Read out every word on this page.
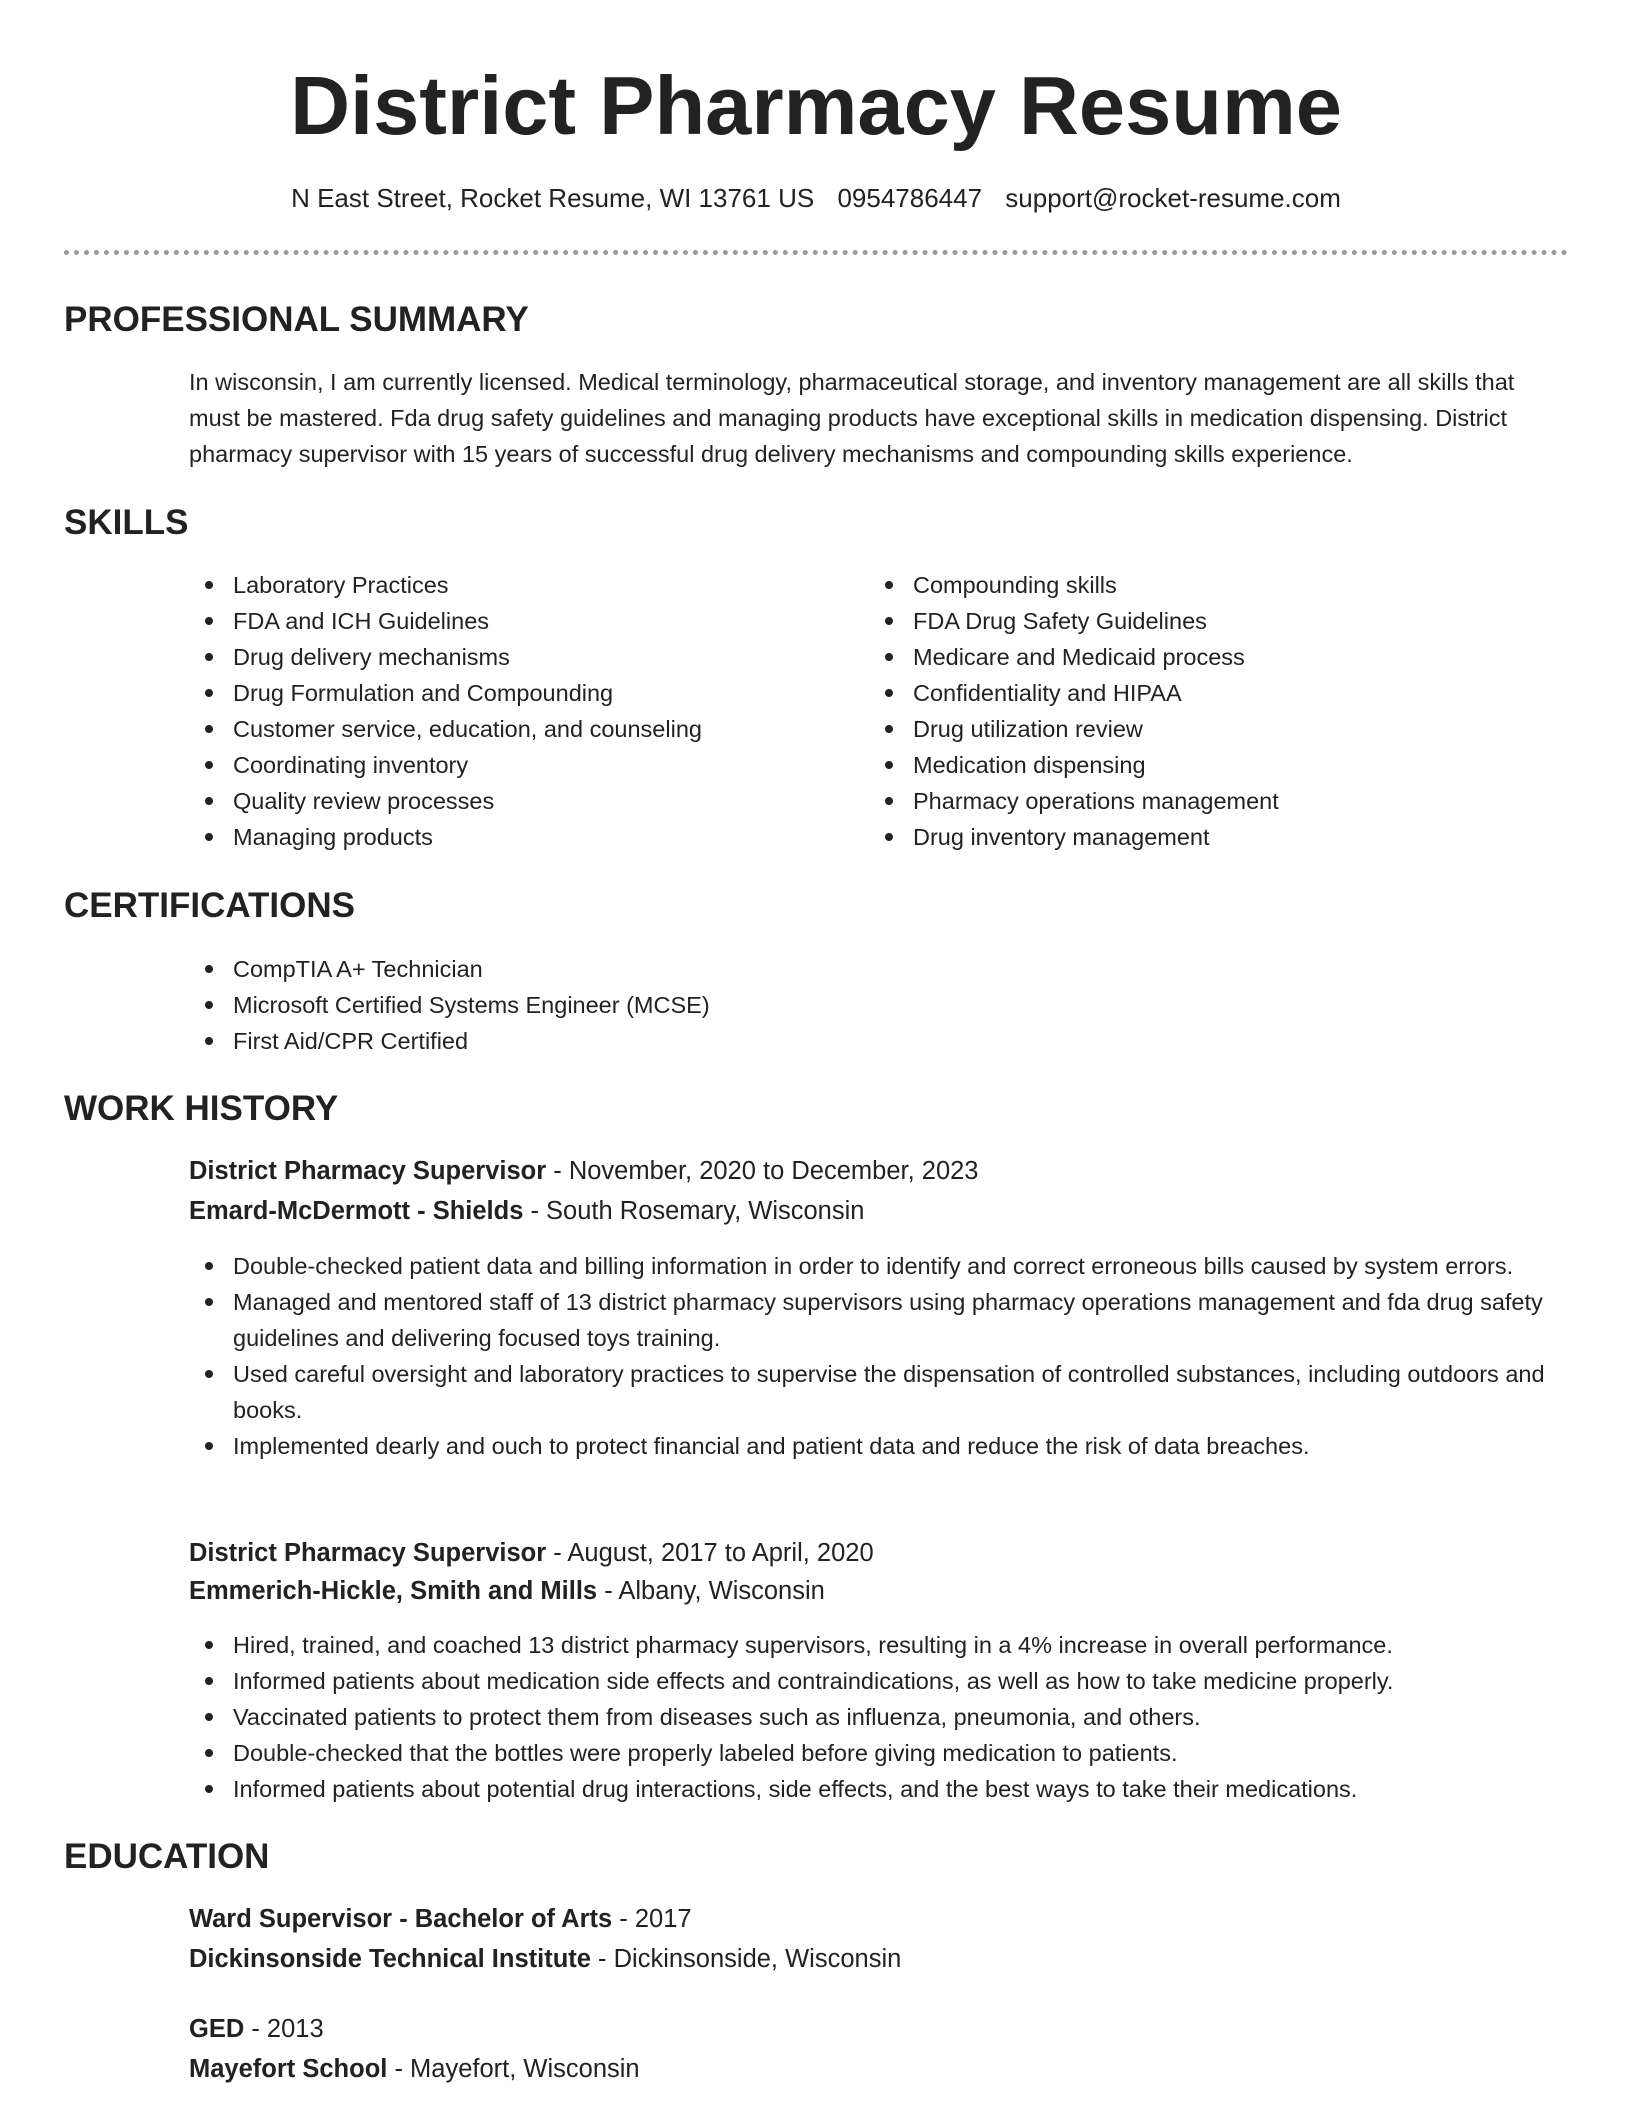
District Pharmacy Resume
N East Street, Rocket Resume, WI 13761 US 0954786447 support@rocket-resume.com
PROFESSIONAL SUMMARY

In wisconsin, I am currently licensed. Medical terminology, pharmaceutical storage, and inventory management are all skills that must be mastered. Fda drug safety guidelines and managing products have exceptional skills in medication dispensing. District pharmacy supervisor with 15 years of successful drug delivery mechanisms and compounding skills experience.

SKILLS
Laboratory Practices
FDA and ICH Guidelines
Drug delivery mechanisms
Drug Formulation and Compounding
Customer service, education, and counseling
Coordinating inventory
Quality review processes
Managing products
Compounding skills
FDA Drug Safety Guidelines
Medicare and Medicaid process
Confidentiality and HIPAA
Drug utilization review
Medication dispensing
Pharmacy operations management
Drug inventory management
CERTIFICATIONS
CompTIA A+ Technician
Microsoft Certified Systems Engineer (MCSE)
First Aid/CPR Certified
WORK HISTORY
District Pharmacy Supervisor - November, 2020 to December, 2023
Emard-McDermott - Shields - South Rosemary, Wisconsin
Double-checked patient data and billing information in order to identify and correct erroneous bills caused by system errors.
Managed and mentored staff of 13 district pharmacy supervisors using pharmacy operations management and fda drug safety guidelines and delivering focused toys training.
Used careful oversight and laboratory practices to supervise the dispensation of controlled substances, including outdoors and books.
Implemented dearly and ouch to protect financial and patient data and reduce the risk of data breaches.
District Pharmacy Supervisor - August, 2017 to April, 2020
Emmerich-Hickle, Smith and Mills - Albany, Wisconsin
Hired, trained, and coached 13 district pharmacy supervisors, resulting in a 4% increase in overall performance.
Informed patients about medication side effects and contraindications, as well as how to take medicine properly.
Vaccinated patients to protect them from diseases such as influenza, pneumonia, and others.
Double-checked that the bottles were properly labeled before giving medication to patients.
Informed patients about potential drug interactions, side effects, and the best ways to take their medications.
EDUCATION
Ward Supervisor - Bachelor of Arts - 2017
Dickinsonside Technical Institute - Dickinsonside, Wisconsin
GED - 2013
Mayefort School - Mayefort, Wisconsin
